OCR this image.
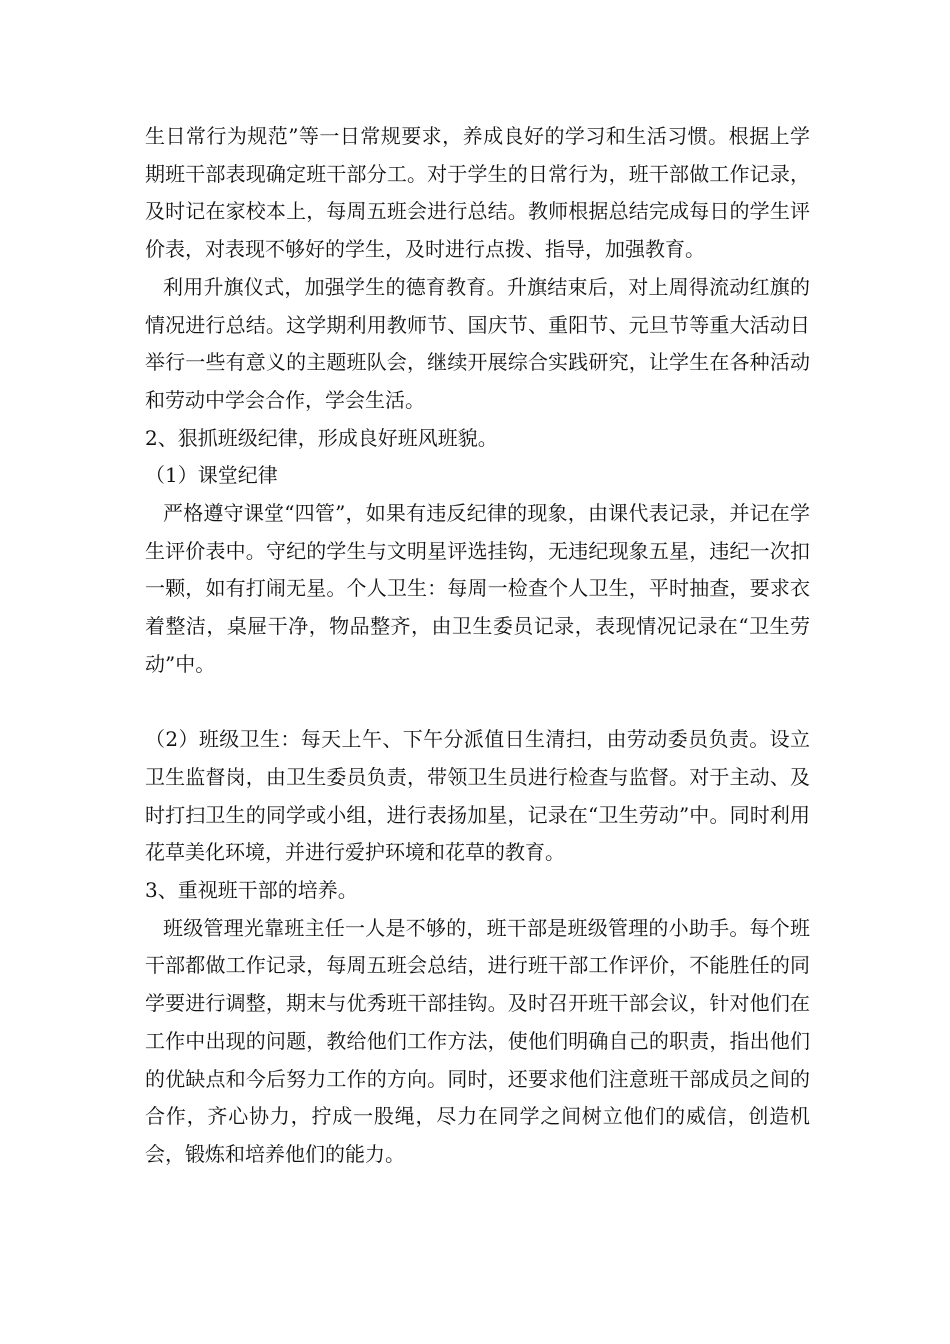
生日常行为规范”等一日常规要求，养成良好的学习和生活习惯。根据上学期班干部表现确定班干部分工。对于学生的日常行为，班干部做工作记录，及时记在家校本上，每周五班会进行总结。教师根据总结完成每日的学生评价表，对表现不够好的学生，及时进行点拨、指导，加强教育。

利用升旗仪式，加强学生的德育教育。升旗结束后，对上周得流动红旗的情况进行总结。这学期利用教师节、国庆节、重阳节、元旦节等重大活动日举行一些有意义的主题班队会，继续开展综合实践研究，让学生在各种活动和劳动中学会合作，学会生活。

2、狠抓班级纪律，形成良好班风班貌。

（1）课堂纪律

严格遵守课堂“四管”，如果有违反纪律的现象，由课代表记录，并记在学生评价表中。守纪的学生与文明星评选挂钩，无违纪现象五星，违纪一次扣一颗，如有打闹无星。个人卫生：每周一检查个人卫生，平时抽查，要求衣着整洁，桌屉干净，物品整齐，由卫生委员记录，表现情况记录在“卫生劳动”中。

（2）班级卫生：每天上午、下午分派值日生清扫，由劳动委员负责。设立卫生监督岗，由卫生委员负责，带领卫生员进行检查与监督。对于主动、及时打扫卫生的同学或小组，进行表扬加星，记录在“卫生劳动”中。同时利用花草美化环境，并进行爱护环境和花草的教育。

3、重视班干部的培养。

班级管理光靠班主任一人是不够的，班干部是班级管理的小助手。每个班干部都做工作记录，每周五班会总结，进行班干部工作评价，不能胜任的同学要进行调整，期末与优秀班干部挂钩。及时召开班干部会议，针对他们在工作中出现的问题，教给他们工作方法，使他们明确自己的职责，指出他们的优缺点和今后努力工作的方向。同时，还要求他们注意班干部成员之间的合作，齐心协力，拧成一股绳，尽力在同学之间树立他们的威信，创造机会，锻炼和培养他们的能力。
